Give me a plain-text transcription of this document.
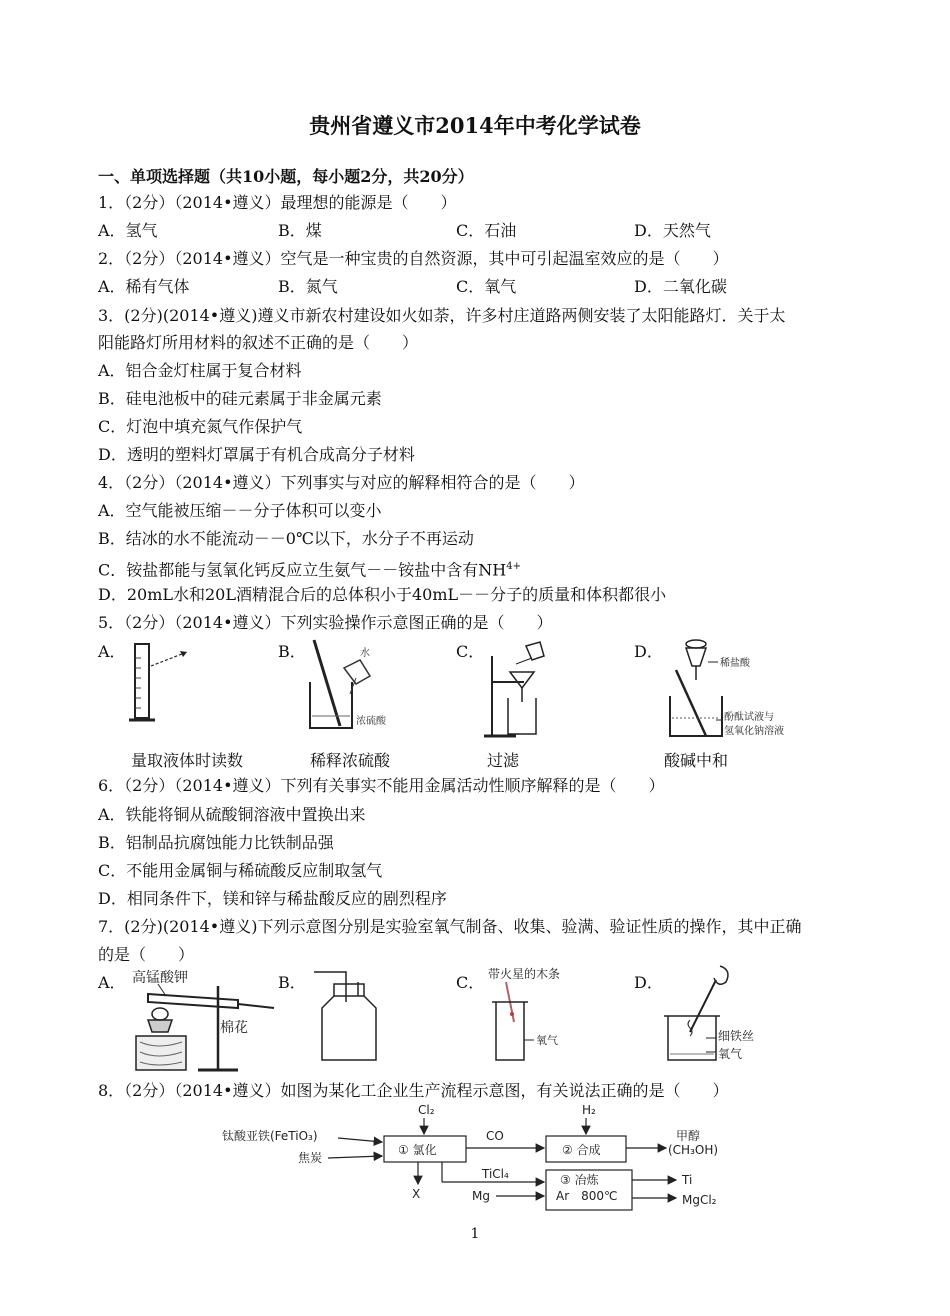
贵州省遵义市2014年中考化学试卷
一、单项选择题（共10小题，每小题2分，共20分）
1．（2分）（2014•遵义）最理想的能源是（　　）
A．氢气	B．煤	C．石油	D．天然气
2．（2分）（2014•遵义）空气是一种宝贵的自然资源，其中可引起温室效应的是（　　）
A．稀有气体	B．氮气	C．氧气	D．二氧化碳
3．(2分)(2014•遵义)遵义市新农村建设如火如荼，许多村庄道路两侧安装了太阳能路灯．关于太
阳能路灯所用材料的叙述不正确的是（　　）
A．铝合金灯柱属于复合材料
B．硅电池板中的硅元素属于非金属元素
C．灯泡中填充氮气作保护气
D．透明的塑料灯罩属于有机合成高分子材料
4．（2分）（2014•遵义）下列事实与对应的解释相符合的是（　　）
A．空气能被压缩－－分子体积可以变小
B．结冰的水不能流动－－0℃以下，水分子不再运动
C．铵盐都能与氢氧化钙反应立生氨气－－铵盐中含有$NH^{4+}$
D．20mL水和20L酒精混合后的总体积小于40mL－－分子的质量和体积都很小
5．（2分）（2014•遵义）下列实验操作示意图正确的是（　　）
A．	B．	C．	D．
水
浓硫酸
稀盐酸
酚酞试液与
氢氧化钠溶液
量取液体时读数	稀释浓硫酸	过滤	酸碱中和
6．（2分）（2014•遵义）下列有关事实不能用金属活动性顺序解释的是（　　）
A．铁能将铜从硫酸铜溶液中置换出来
B．铝制品抗腐蚀能力比铁制品强
C．不能用金属铜与稀硫酸反应制取氢气
D．相同条件下，镁和锌与稀盐酸反应的剧烈程序
7．(2分)(2014•遵义)下列示意图分别是实验室氧气制备、收集、验满、验证性质的操作，其中正确
的是（　　）
A．	B．	C．	D．
高锰酸钾
棉花
带火星的木条
氧气	细铁丝
氧气
8．（2分）（2014•遵义）如图为某化工企业生产流程示意图，有关说法正确的是（　　）
钛酸亚铁(FeTiO₃)
焦炭
Cl₂
① 氯化
CO
H₂
② 合成
甲醇
(CH₃OH)
TiCl₄
Mg
X
③ 冶炼
Ar　800℃
Ti
MgCl₂
1
